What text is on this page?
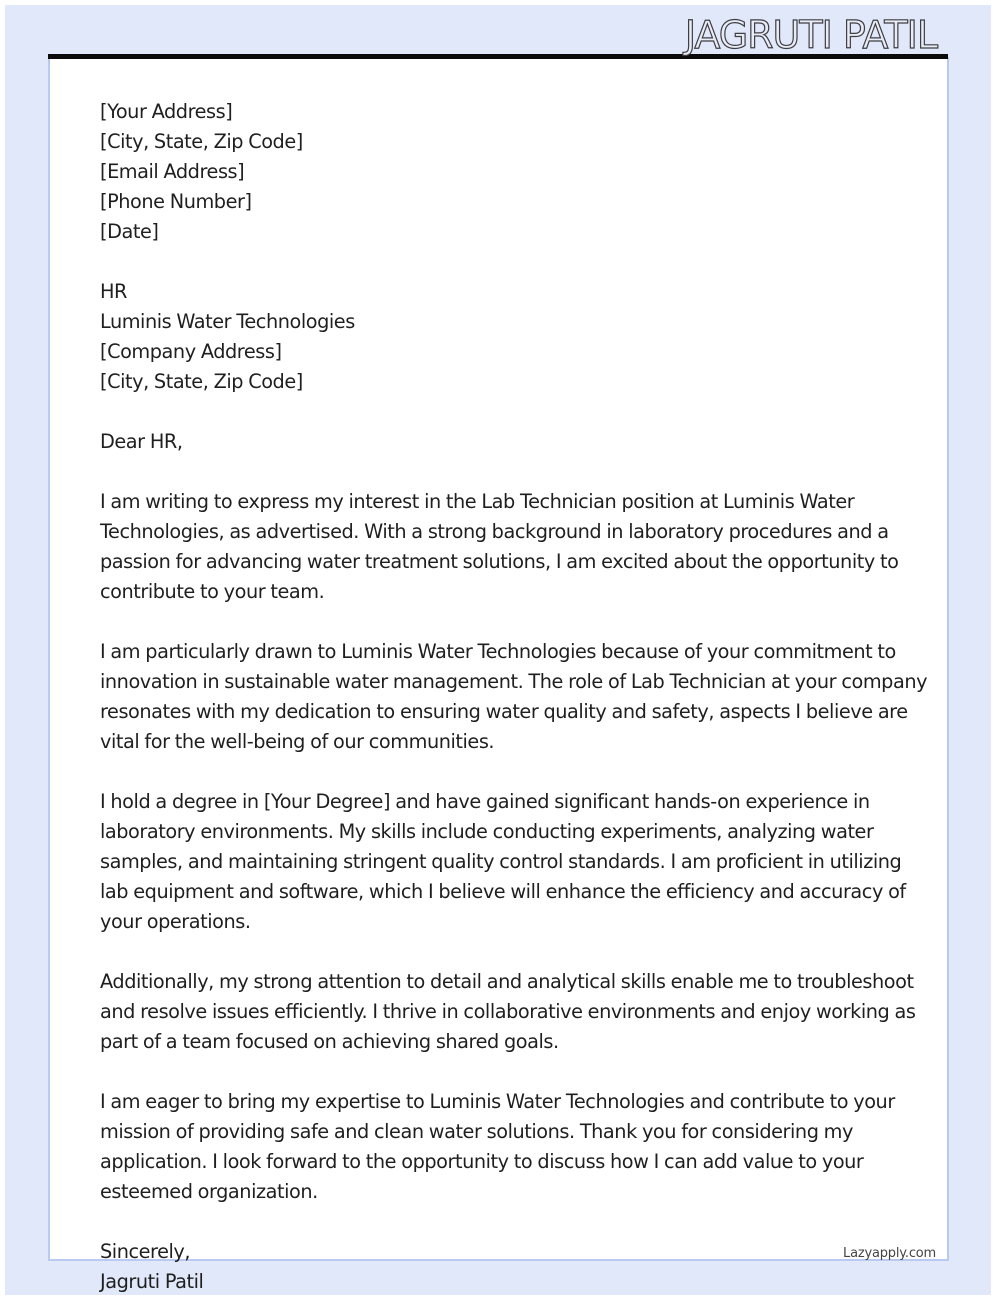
JAGRUTI PATIL
[Your Address]
[City, State, Zip Code]
[Email Address]
[Phone Number]
[Date]
HR
Luminis Water Technologies
[Company Address]
[City, State, Zip Code]
Dear HR,
I am writing to express my interest in the Lab Technician position at Luminis Water
Technologies, as advertised. With a strong background in laboratory procedures and a
passion for advancing water treatment solutions, I am excited about the opportunity to
contribute to your team.
I am particularly drawn to Luminis Water Technologies because of your commitment to
innovation in sustainable water management. The role of Lab Technician at your company
resonates with my dedication to ensuring water quality and safety, aspects I believe are
vital for the well-being of our communities.
I hold a degree in [Your Degree] and have gained significant hands-on experience in
laboratory environments. My skills include conducting experiments, analyzing water
samples, and maintaining stringent quality control standards. I am proficient in utilizing
lab equipment and software, which I believe will enhance the efficiency and accuracy of
your operations.
Additionally, my strong attention to detail and analytical skills enable me to troubleshoot
and resolve issues efficiently. I thrive in collaborative environments and enjoy working as
part of a team focused on achieving shared goals.
I am eager to bring my expertise to Luminis Water Technologies and contribute to your
mission of providing safe and clean water solutions. Thank you for considering my
application. I look forward to the opportunity to discuss how I can add value to your
esteemed organization.
Sincerely,
Jagruti Patil
Lazyapply.com
